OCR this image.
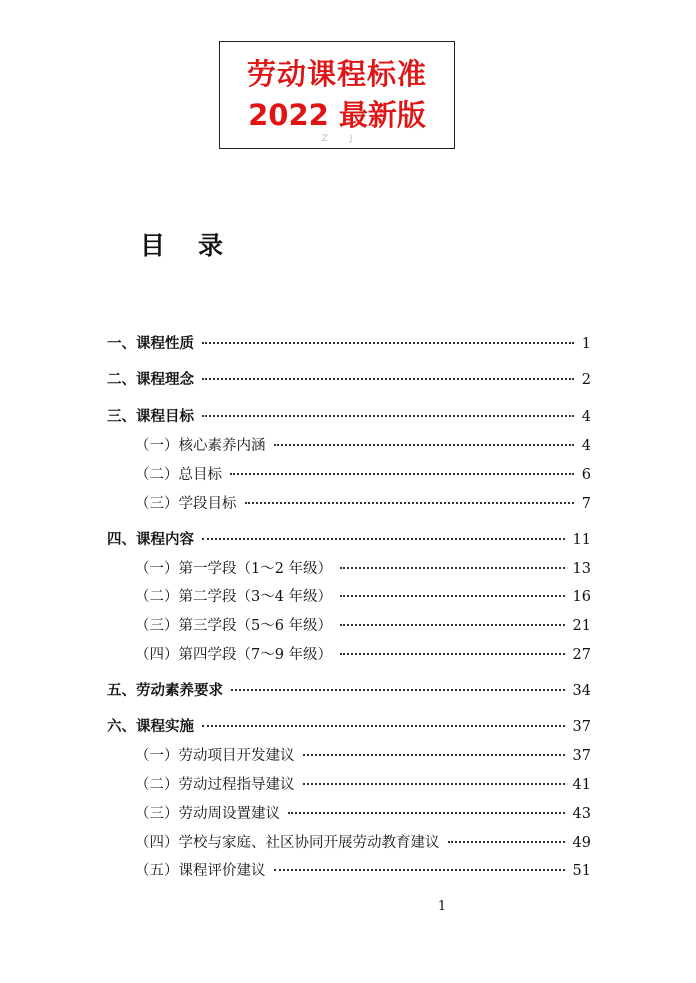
劳动课程标准
2022 最新版
Z J
目 录
一、课程性质	1
二、课程理念	2
三、课程目标	4
（一）核心素养内涵	4
（二）总目标	6
（三）学段目标	7
四、课程内容	11
（一）第一学段（1～2 年级）	13
（二）第二学段（3～4 年级）	16
（三）第三学段（5～6 年级）	21
（四）第四学段（7～9 年级）	27
五、劳动素养要求	34
六、课程实施	37
（一）劳动项目开发建议	37
（二）劳动过程指导建议	41
（三）劳动周设置建议	43
（四）学校与家庭、社区协同开展劳动教育建议	49
（五）课程评价建议	51
1
